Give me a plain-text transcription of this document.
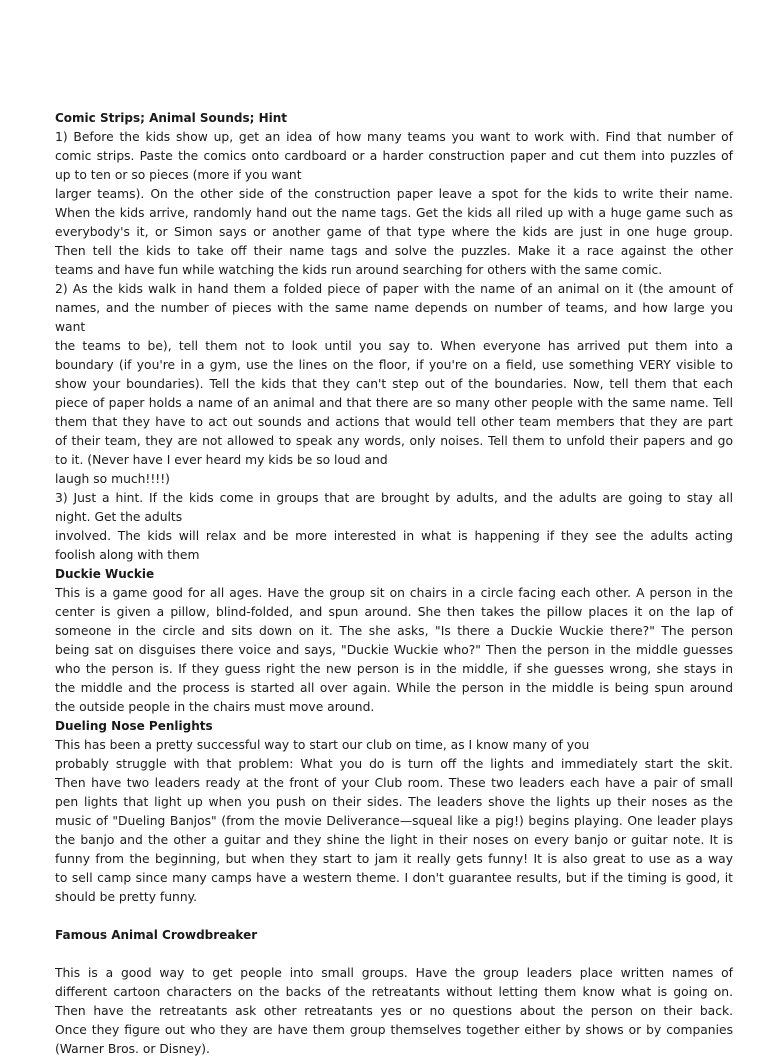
Comic Strips; Animal Sounds; Hint
1) Before the kids show up, get an idea of how many teams you want to work with. Find that number of
comic strips. Paste the comics onto cardboard or a harder construction paper and cut them into puzzles of
up to ten or so pieces (more if you want
larger teams). On the other side of the construction paper leave a spot for the kids to write their name.
When the kids arrive, randomly hand out the name tags. Get the kids all riled up with a huge game such as
everybody's it, or Simon says or another game of that type where the kids are just in one huge group.
Then tell the kids to take off their name tags and solve the puzzles. Make it a race against the other
teams and have fun while watching the kids run around searching for others with the same comic.
2) As the kids walk in hand them a folded piece of paper with the name of an animal on it (the amount of
names, and the number of pieces with the same name depends on number of teams, and how large you want
the teams to be), tell them not to look until you say to. When everyone has arrived put them into a
boundary (if you're in a gym, use the lines on the floor, if you're on a field, use something VERY visible to
show your boundaries). Tell the kids that they can't step out of the boundaries. Now, tell them that each
piece of paper holds a name of an animal and that there are so many other people with the same name. Tell
them that they have to act out sounds and actions that would tell other team members that they are part
of their team, they are not allowed to speak any words, only noises. Tell them to unfold their papers and go
to it. (Never have I ever heard my kids be so loud and
laugh so much!!!!)
3) Just a hint. If the kids come in groups that are brought by adults, and the adults are going to stay all
night. Get the adults
involved. The kids will relax and be more interested in what is happening if they see the adults acting
foolish along with them
Duckie Wuckie
This is a game good for all ages. Have the group sit on chairs in a circle facing each other. A person in the
center is given a pillow, blind-folded, and spun around. She then takes the pillow places it on the lap of
someone in the circle and sits down on it. The she asks, "Is there a Duckie Wuckie there?" The person
being sat on disguises there voice and says, "Duckie Wuckie who?" Then the person in the middle guesses
who the person is. If they guess right the new person is in the middle, if she guesses wrong, she stays in
the middle and the process is started all over again. While the person in the middle is being spun around
the outside people in the chairs must move around.
Dueling Nose Penlights
This has been a pretty successful way to start our club on time, as I know many of you
probably struggle with that problem: What you do is turn off the lights and immediately start the skit.
Then have two leaders ready at the front of your Club room. These two leaders each have a pair of small
pen lights that light up when you push on their sides. The leaders shove the lights up their noses as the
music of "Dueling Banjos" (from the movie Deliverance—squeal like a pig!) begins playing. One leader plays
the banjo and the other a guitar and they shine the light in their noses on every banjo or guitar note. It is
funny from the beginning, but when they start to jam it really gets funny! It is also great to use as a way
to sell camp since many camps have a western theme. I don't guarantee results, but if the timing is good, it
should be pretty funny.
Famous Animal Crowdbreaker
This is a good way to get people into small groups. Have the group leaders place written names of
different cartoon characters on the backs of the retreatants without letting them know what is going on.
Then have the retreatants ask other retreatants yes or no questions about the person on their back.
Once they figure out who they are have them group themselves together either by shows or by companies
(Warner Bros. or Disney).
